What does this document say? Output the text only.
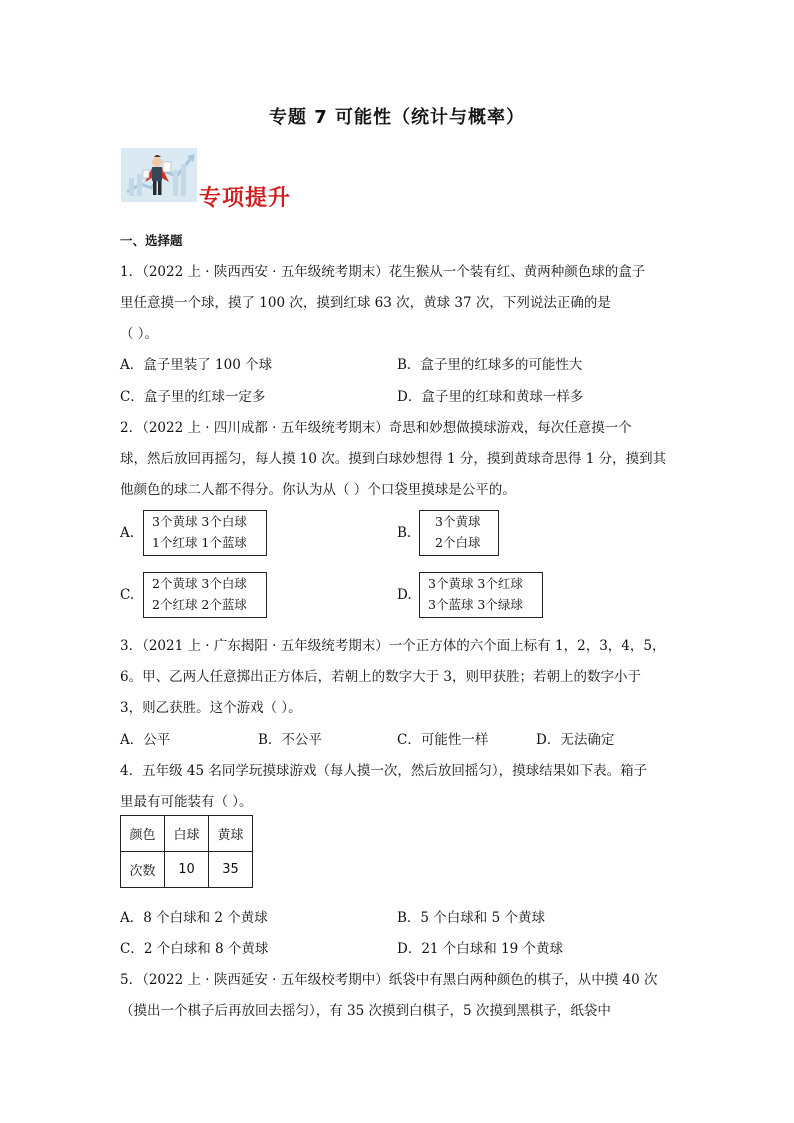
专题 7 可能性（统计与概率）
专项提升
一、选择题
1．（2022 上 · 陕西西安 · 五年级统考期末）花生猴从一个装有红、黄两种颜色球的盒子
里任意摸一个球，摸了 100 次，摸到红球 63 次，黄球 37 次，下列说法正确的是
（ ）。
A．盒子里装了 100 个球	B．盒子里的红球多的可能性大
C．盒子里的红球一定多	D．盒子里的红球和黄球一样多
2．（2022 上 · 四川成都 · 五年级统考期末）奇思和妙想做摸球游戏，每次任意摸一个
球，然后放回再摇匀，每人摸 10 次。摸到白球妙想得 1 分，摸到黄球奇思得 1 分，摸到其
他颜色的球二人都不得分。你认为从（ ）个口袋里摸球是公平的。
A.
3个黄球 3个白球
1个红球 1个蓝球
B.
3个黄球
2个白球
C.
2个黄球 3个白球
2个红球 2个蓝球
D.
3个黄球 3个红球
3个蓝球 3个绿球
3．（2021 上 · 广东揭阳 · 五年级统考期末）一个正方体的六个面上标有 1，2，3，4，5，
6。甲、乙两人任意掷出正方体后，若朝上的数字大于 3，则甲获胜；若朝上的数字小于
3，则乙获胜。这个游戏（ ）。
A．公平	B．不公平	C．可能性一样	D．无法确定
4．五年级 45 名同学玩摸球游戏（每人摸一次，然后放回摇匀），摸球结果如下表。箱子
里最有可能装有（ ）。
颜色	白球	黄球
次数	10	35
A．8 个白球和 2 个黄球	B．5 个白球和 5 个黄球
C．2 个白球和 8 个黄球	D．21 个白球和 19 个黄球
5．（2022 上 · 陕西延安 · 五年级校考期中）纸袋中有黑白两种颜色的棋子，从中摸 40 次
（摸出一个棋子后再放回去摇匀），有 35 次摸到白棋子，5 次摸到黑棋子，纸袋中
